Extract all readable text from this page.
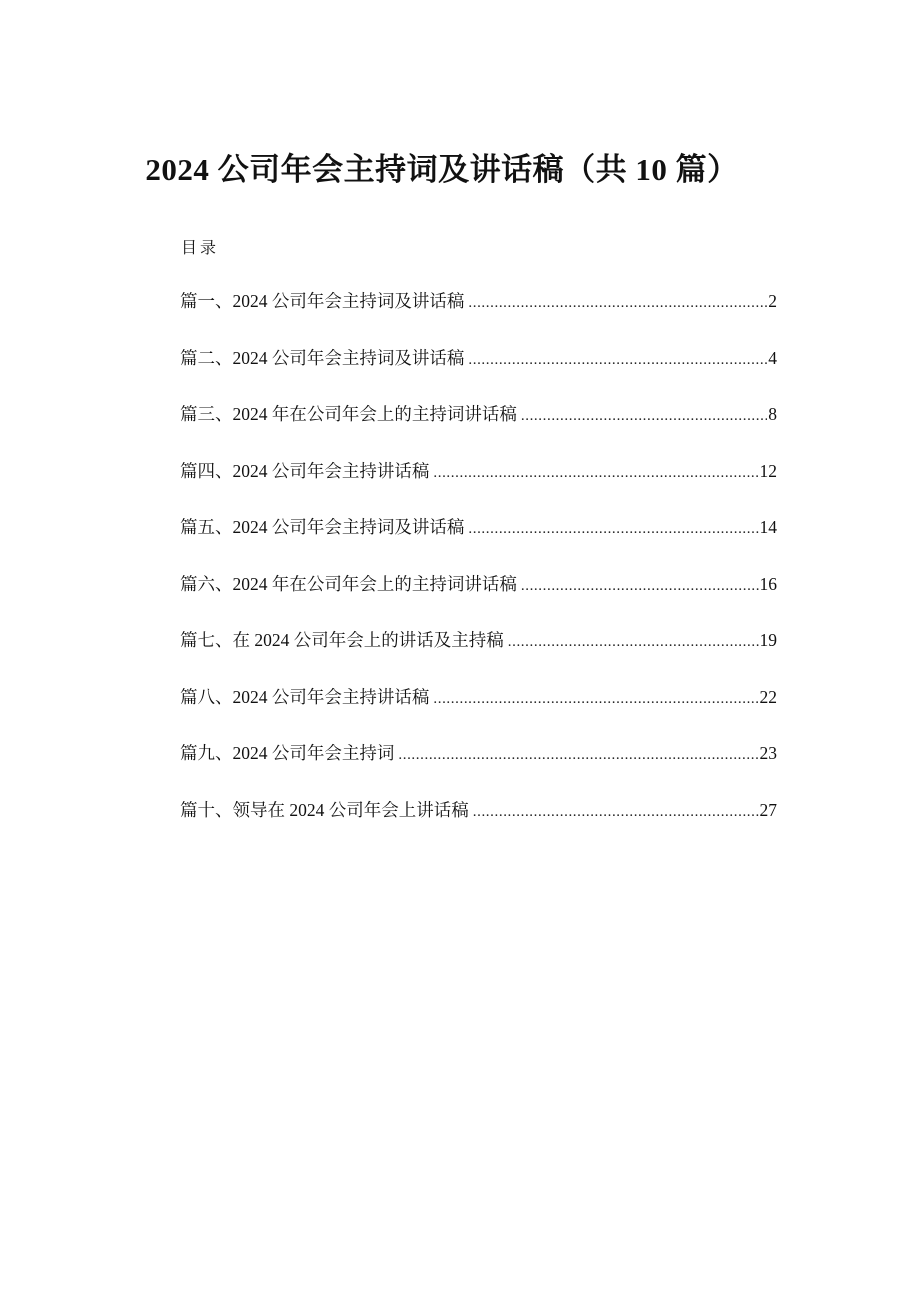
2024 公司年会主持词及讲话稿（共 10 篇）
目录
篇一、2024 公司年会主持词及讲话稿 .....	2
篇二、2024 公司年会主持词及讲话稿 .....	4
篇三、2024 年在公司年会上的主持词讲话稿 .....	8
篇四、2024 公司年会主持讲话稿 .....	12
篇五、2024 公司年会主持词及讲话稿 .....	14
篇六、2024 年在公司年会上的主持词讲话稿 .....	16
篇七、在 2024 公司年会上的讲话及主持稿 .....	19
篇八、2024 公司年会主持讲话稿 .....	22
篇九、2024 公司年会主持词 .....	23
篇十、领导在 2024 公司年会上讲话稿 .....	27
